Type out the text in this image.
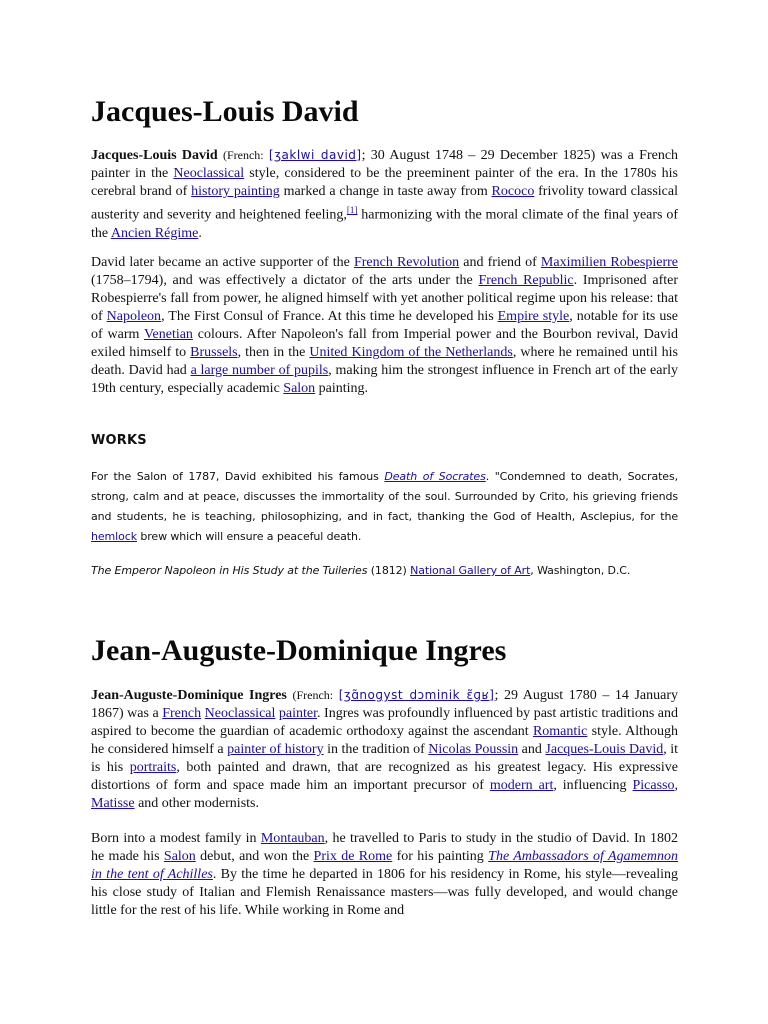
Jacques-Louis David

Jacques-Louis David (French: [ʒaklwi david]; 30 August 1748 – 29 December 1825) was a French painter in the Neoclassical style, considered to be the preeminent painter of the era. In the 1780s his cerebral brand of history painting marked a change in taste away from Rococo frivolity toward classical austerity and severity and heightened feeling,[1] harmonizing with the moral climate of the final years of the Ancien Régime.

David later became an active supporter of the French Revolution and friend of Maximilien Robespierre (1758–1794), and was effectively a dictator of the arts under the French Republic. Imprisoned after Robespierre's fall from power, he aligned himself with yet another political regime upon his release: that of Napoleon, The First Consul of France. At this time he developed his Empire style, notable for its use of warm Venetian colours. After Napoleon's fall from Imperial power and the Bourbon revival, David exiled himself to Brussels, then in the United Kingdom of the Netherlands, where he remained until his death. David had a large number of pupils, making him the strongest influence in French art of the early 19th century, especially academic Salon painting.

WORKS

For the Salon of 1787, David exhibited his famous Death of Socrates. "Condemned to death, Socrates, strong, calm and at peace, discusses the immortality of the soul. Surrounded by Crito, his grieving friends and students, he is teaching, philosophizing, and in fact, thanking the God of Health, Asclepius, for the hemlock brew which will ensure a peaceful death.

The Emperor Napoleon in His Study at the Tuileries (1812) National Gallery of Art, Washington, D.C.

Jean-Auguste-Dominique Ingres

Jean-Auguste-Dominique Ingres (French: [ʒɑ̃noɡyst dɔminik ɛ̃ɡʁ]; 29 August 1780 – 14 January 1867) was a French Neoclassical painter. Ingres was profoundly influenced by past artistic traditions and aspired to become the guardian of academic orthodoxy against the ascendant Romantic style. Although he considered himself a painter of history in the tradition of Nicolas Poussin and Jacques-Louis David, it is his portraits, both painted and drawn, that are recognized as his greatest legacy. His expressive distortions of form and space made him an important precursor of modern art, influencing Picasso, Matisse and other modernists.

Born into a modest family in Montauban, he travelled to Paris to study in the studio of David. In 1802 he made his Salon debut, and won the Prix de Rome for his painting The Ambassadors of Agamemnon in the tent of Achilles. By the time he departed in 1806 for his residency in Rome, his style—revealing his close study of Italian and Flemish Renaissance masters—was fully developed, and would change little for the rest of his life. While working in Rome and
